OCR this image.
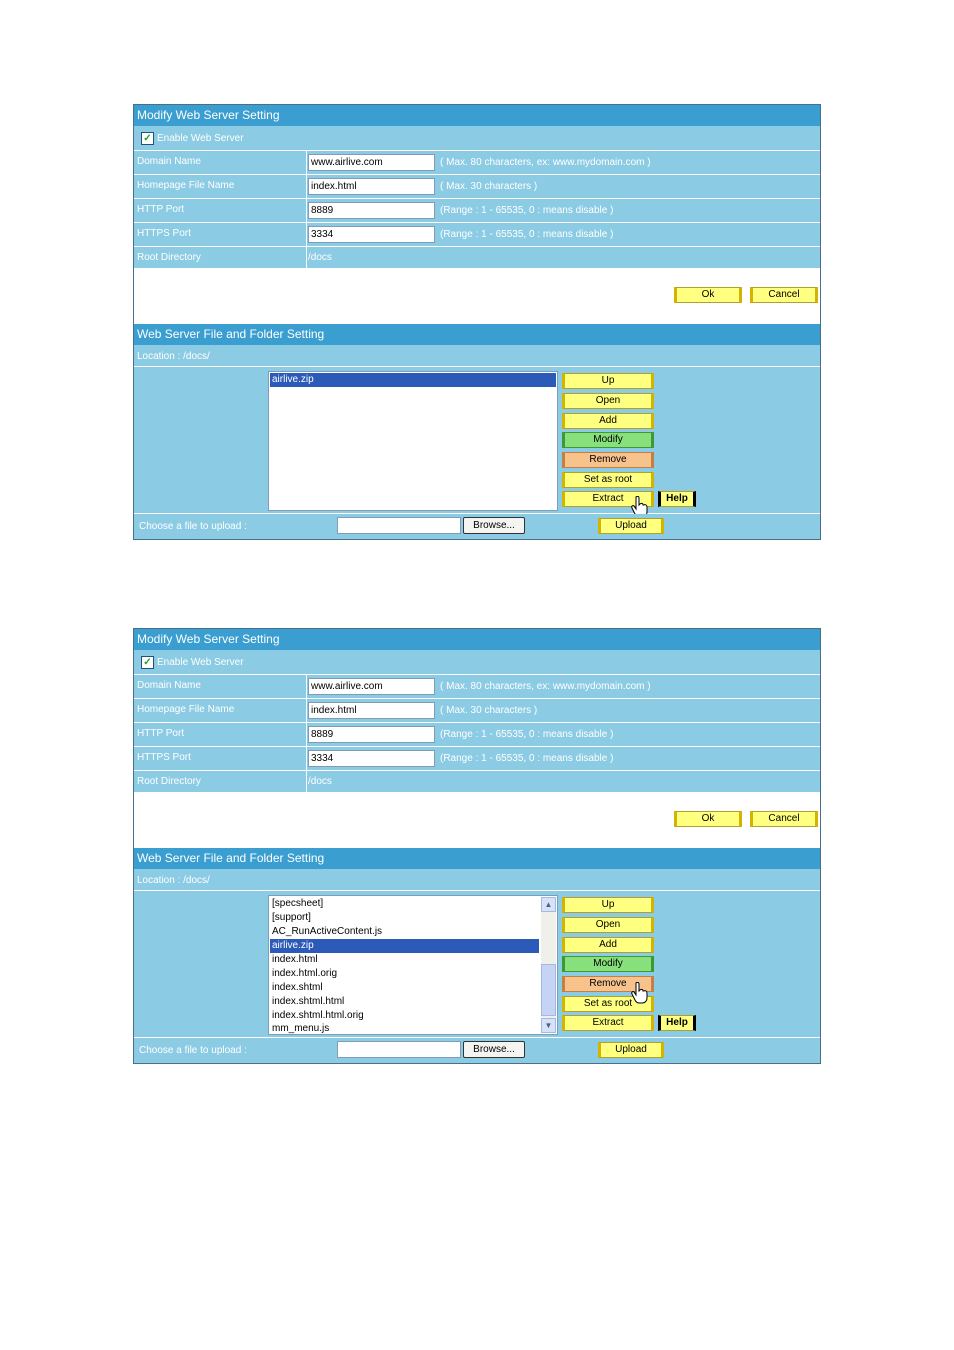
Modify Web Server Setting
✓ Enable Web Server
Domain Name	www.airlive.com	( Max. 80 characters, ex: www.mydomain.com )
Homepage File Name	index.html	( Max. 30 characters )
HTTP Port	8889	(Range : 1 - 65535, 0 : means disable )
HTTPS Port	3334	(Range : 1 - 65535, 0 : means disable )
Root Directory	/docs
Ok	Cancel
Web Server File and Folder Setting
Location : /docs/
airlive.zip	Up
Open
Add
Modify
Remove
Set as root
Extract	Help
Choose a file to upload :	Browse...	Upload
Modify Web Server Setting
✓ Enable Web Server
Domain Name	www.airlive.com	( Max. 80 characters, ex: www.mydomain.com )
Homepage File Name	index.html	( Max. 30 characters )
HTTP Port	8889	(Range : 1 - 65535, 0 : means disable )
HTTPS Port	3334	(Range : 1 - 65535, 0 : means disable )
Root Directory	/docs
Ok	Cancel
Web Server File and Folder Setting
Location : /docs/
[specsheet]
[support]
AC_RunActiveContent.js
airlive.zip
index.html
index.html.orig
index.shtml
index.shtml.html
index.shtml.html.orig
mm_menu.js
▲
▼
Up
Open
Add
Modify
Remove
Set as root
Extract	Help
Choose a file to upload :	Browse...	Upload
